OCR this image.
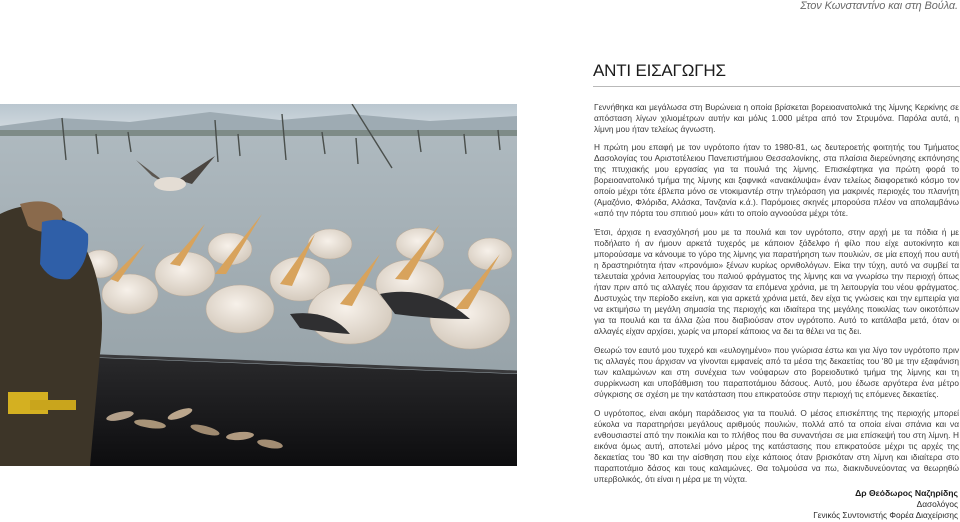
Στον Κωνσταντίνο και στη Βούλα.
ΑΝΤΙ ΕΙΣΑΓΩΓΗΣ

Γεννήθηκα και μεγάλωσα στη Βυρώνεια η οποία βρίσκεται βορειοανατολικά της λίμνης Κερκίνης σε απόσταση λίγων χιλιομέτρων αυτήν και μόλις 1.000 μέτρα από τον Στρυμόνα. Παρόλα αυτά, η λίμνη μου ήταν τελείως άγνωστη.

Η πρώτη μου επαφή με τον υγρότοπο ήταν το 1980-81, ως δευτεροετής φοιτητής του Τμήματος Δασολογίας του Αριστοτέλειου Πανεπιστήμιου Θεσσαλονίκης, στα πλαίσια διερεύνησης εκπόνησης της πτυχιακής μου εργασίας για τα πουλιά της λίμνης. Επισκέφτηκα για πρώτη φορά το βορειοανατολικό τμήμα της λίμνης και ξαφνικά «ανακάλυψα» έναν τελείως διαφορετικό κόσμο τον οποίο μέχρι τότε έβλεπα μόνο σε ντοκιμαντέρ στην τηλεόραση για μακρινές περιοχές του πλανήτη (Αμαζόνιο, Φλόριδα, Αλάσκα, Τανζανία κ.ά.). Παρόμοιες σκηνές μπορούσα πλέον να απολαμβάνω «από την πόρτα του σπιτιού μου» κάτι το οποίο αγνοούσα μέχρι τότε.

Έτσι, άρχισε η ενασχόλησή μου με τα πουλιά και τον υγρότοπο, στην αρχή με τα πόδια ή με ποδήλατο ή αν ήμουν αρκετά τυχερός με κάποιον ξάδελφο ή φίλο που είχε αυτοκίνητο και μπορούσαμε να κάνουμε το γύρο της λίμνης για παρατήρηση των πουλιών, σε μία εποχή που αυτή η δραστηριότητα ήταν «προνόμιο» ξένων κυρίως ορνιθολόγων. Είκα την τύχη, αυτό να συμβεί τα τελευταία χρόνια λειτουργίας του παλιού φράγματος της λίμνης και να γνωρίσω την περιοχή όπως ήταν πριν από τις αλλαγές που άρχισαν τα επόμενα χρόνια, με τη λειτουργία του νέου φράγματος. Δυστυχώς την περίοδο εκείνη, και για αρκετά χρόνια μετά, δεν είχα τις γνώσεις και την εμπειρία για να εκτιμήσω τη μεγάλη σημασία της περιοχής και ιδιαίτερα της μεγάλης ποικιλίας των οικοτόπων για τα πουλιά και τα άλλα ζώα που διαβιούσαν στον υγρότοπο. Αυτό το κατάλαβα μετά, όταν οι αλλαγές είχαν αρχίσει, χωρίς να μπορεί κάποιος να δει τα θέλει να τις δει.

Θεωρώ τον εαυτό μου τυχερό και «ευλογημένο» που γνώρισα έστω και για λίγο τον υγρότοπο πριν τις αλλαγές που άρχισαν να γίνονται εμφανείς από τα μέσα της δεκαετίας του '80 με την εξαφάνιση των καλαμώνων και στη συνέχεια των νούφαρων στο βορειοδυτικό τμήμα της λίμνης και τη συρρίκνωση και υποβάθμιση του παραποτάμιου δάσους. Αυτό, μου έδωσε αργότερα ένα μέτρο σύγκρισης σε σχέση με την κατάσταση που επικρατούσε στην περιοχή τις επόμενες δεκαετίες.

Ο υγρότοπος, είναι ακόμη παράδεισος για τα πουλιά. Ο μέσος επισκέπτης της περιοχής μπορεί εύκολα να παρατηρήσει μεγάλους αριθμούς πουλιών, πολλά από τα οποία είναι σπάνια και να ενθουσιαστεί από την ποικιλία και το πλήθος που θα συναντήσει σε μια επίσκεψή του στη λίμνη. Η εικόνα όμως αυτή, αποτελεί μόνο μέρος της κατάστασης που επικρατούσε μέχρι τις αρχές της δεκαετίας του '80 και την αίσθηση που είχε κάποιος όταν βρισκόταν στη λίμνη και ιδιαίτερα στο παραποτάμιο δάσος και τους καλαμώνες. Θα τολμούσα να πω, διακινδυνεύοντας να θεωρηθώ υπερβολικός, ότι είναι η μέρα με τη νύχτα.

Δρ Θεόδωρος Ναζηρίδης
Δασολόγος
Γενικός Συντονιστής Φορέα Διαχείρισης
